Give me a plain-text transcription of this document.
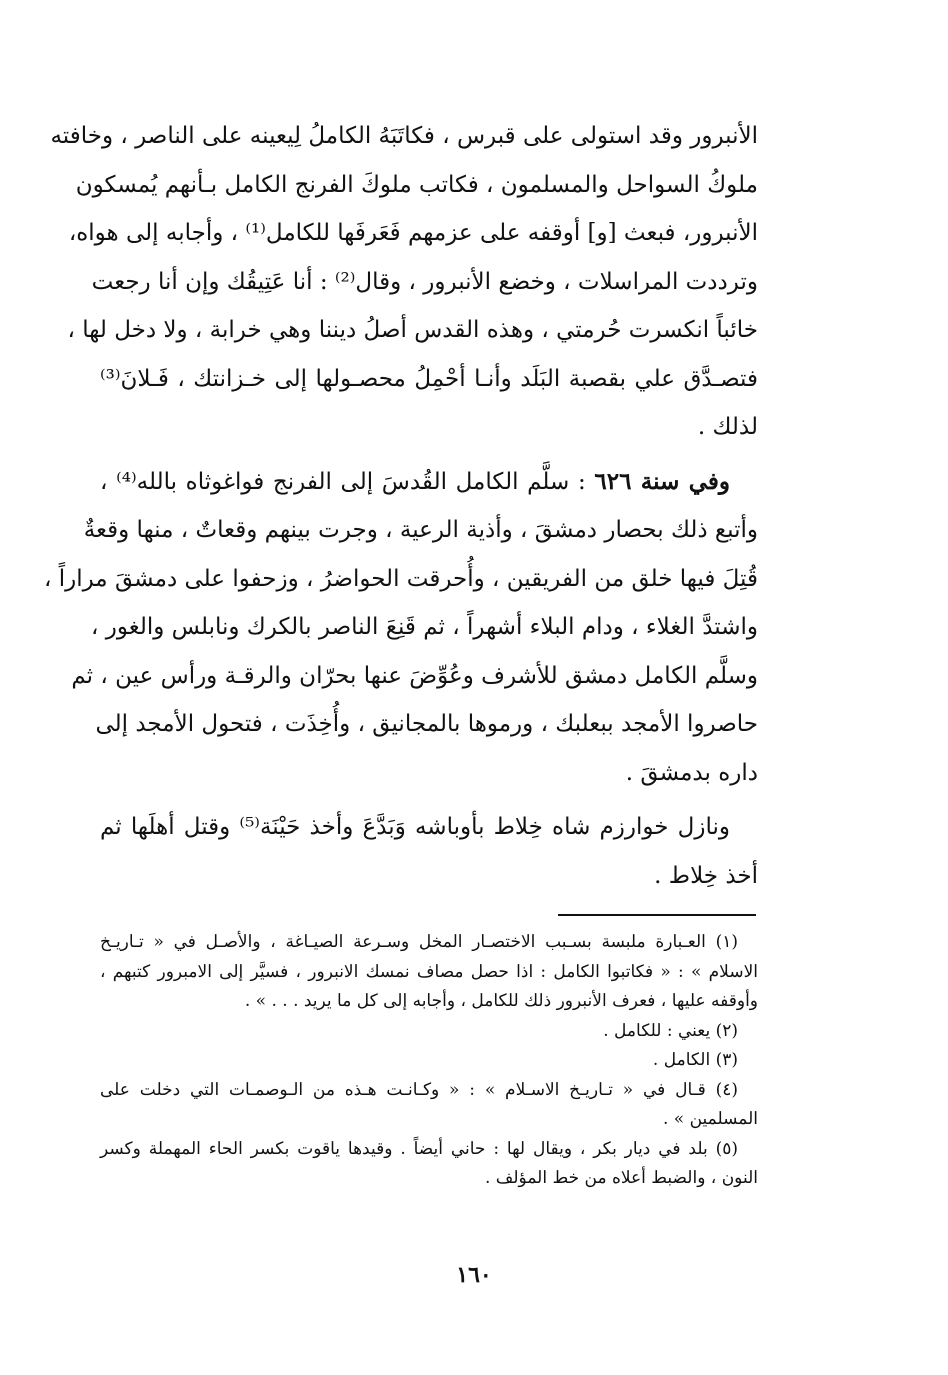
الأنبرور وقد استولى على قبرس ، فكاتَبَهُ الكاملُ لِيعينه على الناصر ، وخافته
ملوكُ السواحل والمسلمون ، فكاتب ملوكَ الفرنج الكامل بـأنهم يُمسكون
الأنبرور، فبعث [و] أوقفه على عزمهم فَعَرفَها للكامل⁽¹⁾ ، وأجابه إلى هواه،
وترددت المراسلات ، وخضع الأنبرور ، وقال⁽²⁾ : أنا عَتِيقُك وإن أنا رجعت
خائباً انكسرت حُرمتي ، وهذه القدس أصلُ ديننا وهي خرابة ، ولا دخل لها ،
فتصـدَّق علي بقصبة البَلَد وأنـا أحْمِلُ محصـولها إلى خـزانتك ، فَـلانَ⁽³⁾
لذلك .
وفي سنة ٦٢٦ : سلَّم الكامل القُدسَ إلى الفرنج فواغوثاه بالله⁽⁴⁾ ،
وأتبع ذلك بحصار دمشقَ ، وأذية الرعية ، وجرت بينهم وقعاتٌ ، منها وقعةٌ
قُتِلَ فيها خلق من الفريقين ، وأُحرقت الحواضرُ ، وزحفوا على دمشقَ مراراً ،
واشتدَّ الغلاء ، ودام البلاء أشهراً ، ثم قَنِعَ الناصر بالكرك ونابلس والغور ،
وسلَّم الكامل دمشق للأشرف وعُوِّضَ عنها بحرّان والرقـة ورأس عين ، ثم
حاصروا الأمجد ببعلبك ، ورموها بالمجانيق ، وأُخِذَت ، فتحول الأمجد إلى
داره بدمشقَ .
ونازل خوارزم شاه خِلاط بأوباشه وَبَدَّعَ وأخذ حَيْنَة⁽⁵⁾ وقتل أهلَها ثم
أخذ خِلاط .
(١) العـبارة ملبسة بسـبب الاختصـار المخل وسـرعة الصيـاغة ، والأصـل في « تـاريـخ
الاسلام » : « فكاتبوا الكامل : اذا حصل مصاف نمسك الانبرور ، فسيَّر إلى الامبرور كتبهم ،
وأوقفه عليها ، فعرف الأنبرور ذلك للكامل ، وأجابه إلى كل ما يريد . . . » .
(٢) يعني : للكامل .
(٣) الكامل .
(٤) قـال في « تـاريـخ الاسـلام » : « وكـانـت هـذه من الـوصمـات التي دخلت على
المسلمين » .
(٥) بلد في ديار بكر ، ويقال لها : حاني أيضاً . وقيدها ياقوت بكسر الحاء المهملة وكسر
النون ، والضبط أعلاه من خط المؤلف .
١٦٠
